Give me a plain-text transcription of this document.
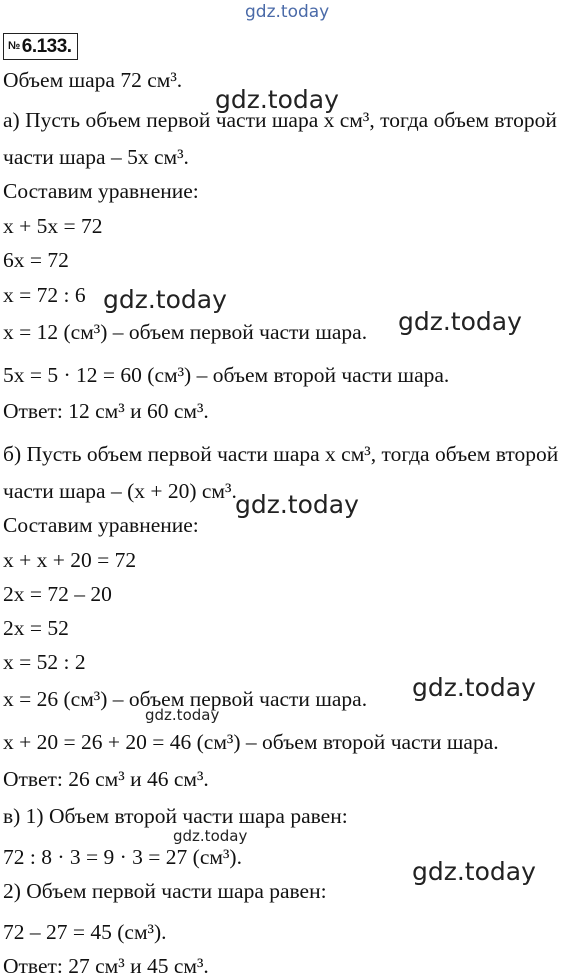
№ 6.133.
Объем шара 72 см³.
а) Пусть объем первой части шара x см³, тогда объем второй
части шара – 5x см³.
Составим уравнение:
x + 5x = 72
6x = 72
x = 72 : 6
x = 12 (см³) – объем первой части шара.
5x = 5 · 12 = 60 (см³) – объем второй части шара.
Ответ: 12 см³ и 60 см³.
б) Пусть объем первой части шара x см³, тогда объем второй
части шара – (x + 20) см³.
Составим уравнение:
x + x + 20 = 72
2x = 72 – 20
2x = 52
x = 52 : 2
x = 26 (см³) – объем первой части шара.
x + 20 = 26 + 20 = 46 (см³) – объем второй части шара.
Ответ: 26 см³ и 46 см³.
в) 1) Объем второй части шара равен:
72 : 8 · 3 = 9 · 3 = 27 (см³).
2) Объем первой части шара равен:
72 – 27 = 45 (см³).
Ответ: 27 см³ и 45 см³.
gdz.today
gdz.today
gdz.today
gdz.today
gdz.today
gdz.today
gdz.today
gdz.today
gdz.today
